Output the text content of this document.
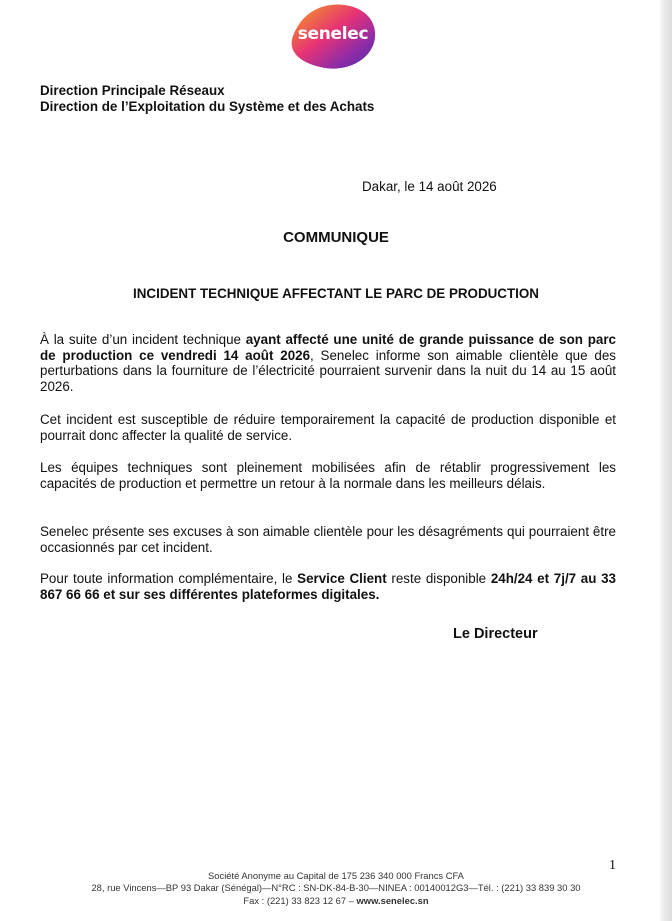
senelec
Direction Principale Réseaux
Direction de l’Exploitation du Système et des Achats
Dakar, le 14 août 2026
COMMUNIQUE
INCIDENT TECHNIQUE AFFECTANT LE PARC DE PRODUCTION

À la suite d’un incident technique ayant affecté une unité de grande puissance de son parc de production ce vendredi 14 août 2026, Senelec informe son aimable clientèle que des perturbations dans la fourniture de l’électricité pourraient survenir dans la nuit du 14 au 15 août 2026.

Cet incident est susceptible de réduire temporairement la capacité de production disponible et pourrait donc affecter la qualité de service.

Les équipes techniques sont pleinement mobilisées afin de rétablir progressivement les capacités de production et permettre un retour à la normale dans les meilleurs délais.

Senelec présente ses excuses à son aimable clientèle pour les désagréments qui pourraient être occasionnés par cet incident.

Pour toute information complémentaire, le Service Client reste disponible 24h/24 et 7j/7 au 33 867 66 66 et sur ses différentes plateformes digitales.

Le Directeur
1
Société Anonyme au Capital de 175 236 340 000 Francs CFA
28, rue Vincens—BP 93 Dakar (Sénégal)—N°RC : SN-DK-84-B-30—NINEA : 00140012G3—Tél. : (221) 33 839 30 30
Fax : (221) 33 823 12 67 – www.senelec.sn
